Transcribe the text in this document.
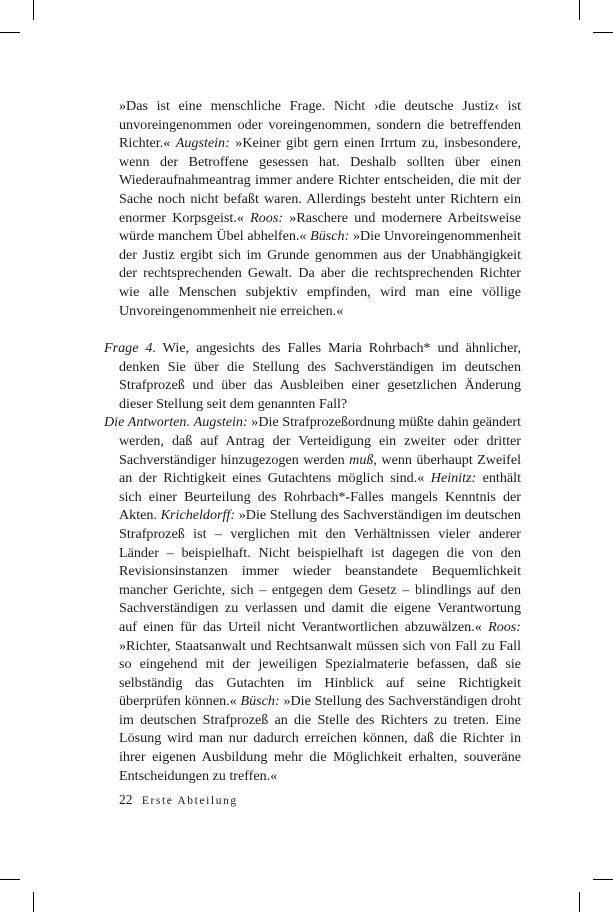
»Das ist eine menschliche Frage. Nicht ›die deutsche Justiz‹ ist unvoreingenommen oder voreingenommen, sondern die betreffenden Richter.« Augstein: »Keiner gibt gern einen Irrtum zu, insbesondere, wenn der Betroffene gesessen hat. Deshalb sollten über einen Wiederaufnahmeantrag immer andere Richter entscheiden, die mit der Sache noch nicht befaßt waren. Allerdings besteht unter Richtern ein enormer Korpsgeist.« Roos: »Raschere und modernere Arbeitsweise würde manchem Übel abhelfen.« Büsch: »Die Unvoreingenommenheit der Justiz ergibt sich im Grunde genommen aus der Unabhängigkeit der rechtsprechenden Gewalt. Da aber die rechtsprechenden Richter wie alle Menschen subjektiv empfinden, wird man eine völlige Unvoreingenommenheit nie erreichen.«

Frage 4. Wie, angesichts des Falles Maria Rohrbach* und ähnlicher, denken Sie über die Stellung des Sachverständigen im deutschen Strafprozeß und über das Ausbleiben einer gesetzlichen Änderung dieser Stellung seit dem genannten Fall?

Die Antworten. Augstein: »Die Strafprozeßordnung müßte dahin geändert werden, daß auf Antrag der Verteidigung ein zweiter oder dritter Sachverständiger hinzugezogen werden muß, wenn überhaupt Zweifel an der Richtigkeit eines Gutachtens möglich sind.« Heinitz: enthält sich einer Beurteilung des Rohrbach*-Falles mangels Kenntnis der Akten. Kricheldorff: »Die Stellung des Sachverständigen im deutschen Strafprozeß ist – verglichen mit den Verhältnissen vieler anderer Länder – beispielhaft. Nicht beispielhaft ist dagegen die von den Revisionsinstanzen immer wieder beanstandete Bequemlichkeit mancher Gerichte, sich – entgegen dem Gesetz – blindlings auf den Sachverständigen zu verlassen und damit die eigene Verantwortung auf einen für das Urteil nicht Verantwortlichen abzuwälzen.« Roos: »Richter, Staatsanwalt und Rechtsanwalt müssen sich von Fall zu Fall so eingehend mit der jeweiligen Spezialmaterie befassen, daß sie selbständig das Gutachten im Hinblick auf seine Richtigkeit überprüfen können.« Büsch: »Die Stellung des Sachverständigen droht im deutschen Strafprozeß an die Stelle des Richters zu treten. Eine Lösung wird man nur dadurch erreichen können, daß die Richter in ihrer eigenen Ausbildung mehr die Möglichkeit erhalten, souveräne Entscheidungen zu treffen.«

22 Erste Abteilung
